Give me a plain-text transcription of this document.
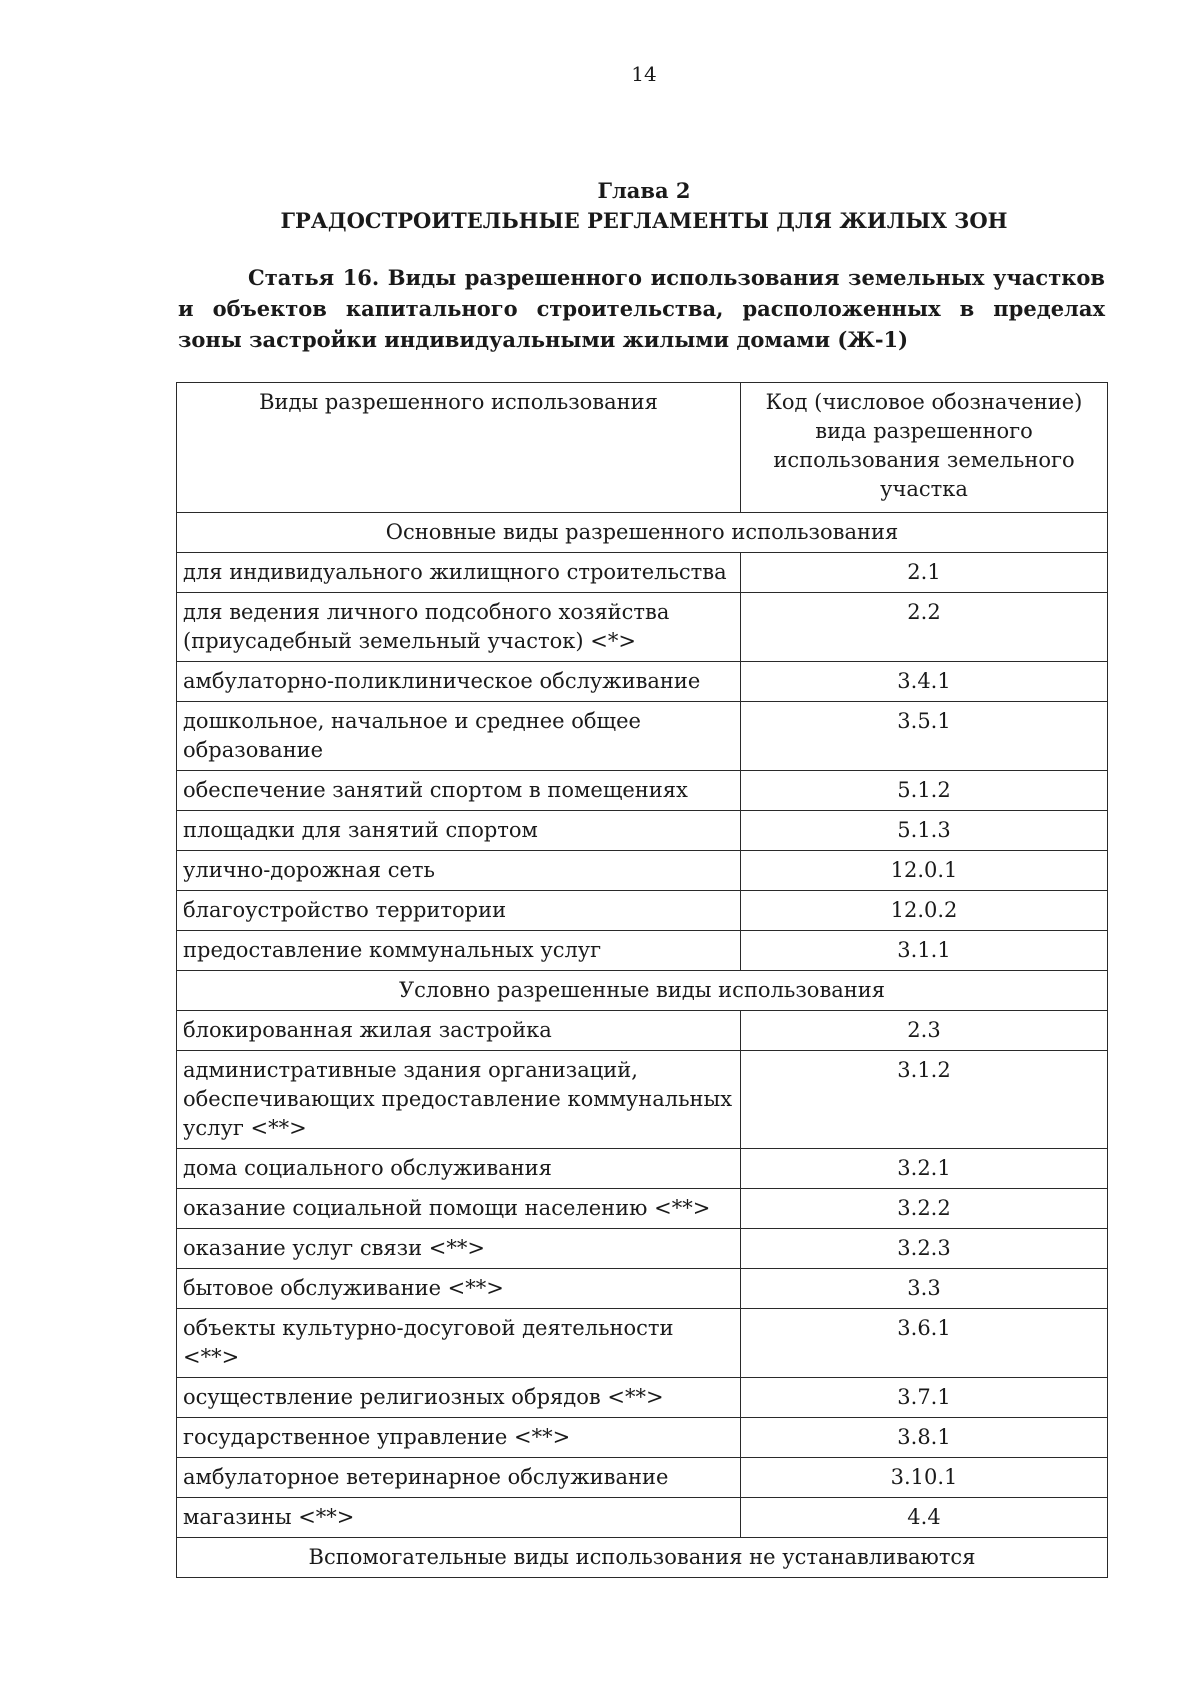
14
Глава 2
ГРАДОСТРОИТЕЛЬНЫЕ РЕГЛАМЕНТЫ ДЛЯ ЖИЛЫХ ЗОН
Статья 16. Виды разрешенного использования земельных участков и объектов капитального строительства, расположенных в пределах зоны застройки индивидуальными жилыми домами (Ж-1)
Виды разрешенного использования	Код (числовое обозначение) вида разрешенного использования земельного участка
Основные виды разрешенного использования	
для индивидуального жилищного строительства	2.1
для ведения личного подсобного хозяйства (приусадебный земельный участок) <*>	2.2
амбулаторно-поликлиническое обслуживание	3.4.1
дошкольное, начальное и среднее общее образование	3.5.1
обеспечение занятий спортом в помещениях	5.1.2
площадки для занятий спортом	5.1.3
улично-дорожная сеть	12.0.1
благоустройство территории	12.0.2
предоставление коммунальных услуг	3.1.1
Условно разрешенные виды использования	
блокированная жилая застройка	2.3
административные здания организаций, обеспечивающих предоставление коммунальных услуг <**>	3.1.2
дома социального обслуживания	3.2.1
оказание социальной помощи населению <**>	3.2.2
оказание услуг связи <**>	3.2.3
бытовое обслуживание <**>	3.3
объекты культурно-досуговой деятельности <**>	3.6.1
осуществление религиозных обрядов <**>	3.7.1
государственное управление <**>	3.8.1
амбулаторное ветеринарное обслуживание	3.10.1
магазины <**>	4.4
Вспомогательные виды использования не устанавливаются	
